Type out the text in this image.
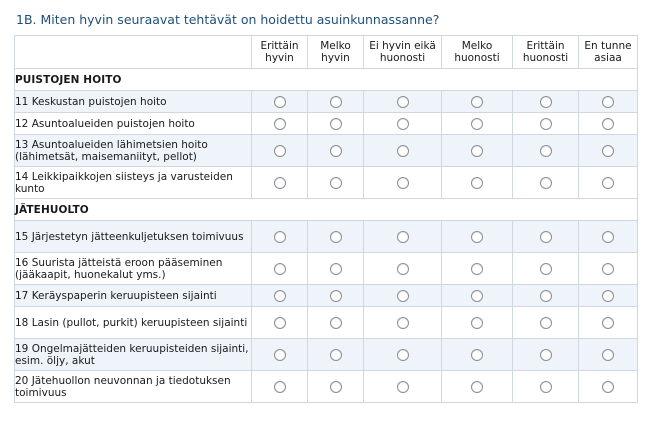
1B. Miten hyvin seuraavat tehtävät on hoidettu asuinkunnassanne?
	Erittäin hyvin	Melko hyvin	Ei hyvin eikä huonosti	Melko huonosti	Erittäin huonosti	En tunne asiaa
PUISTOJEN HOITO						
11 Keskustan puistojen hoito						
12 Asuntoalueiden puistojen hoito						
13 Asuntoalueiden lähimetsien hoito (lähimetsät, maisemaniityt, pellot)						
14 Leikkipaikkojen siisteys ja varusteiden kunto						
JÄTEHUOLTO						
15 Järjestetyn jätteenkuljetuksen toimivuus						
16 Suurista jätteistä eroon pääseminen (jääkaapit, huonekalut yms.)						
17 Keräyspaperin keruupisteen sijainti						
18 Lasin (pullot, purkit) keruupisteen sijainti						
19 Ongelmajätteiden keruupisteiden sijainti, esim. öljy, akut						
20 Jätehuollon neuvonnan ja tiedotuksen toimivuus						
